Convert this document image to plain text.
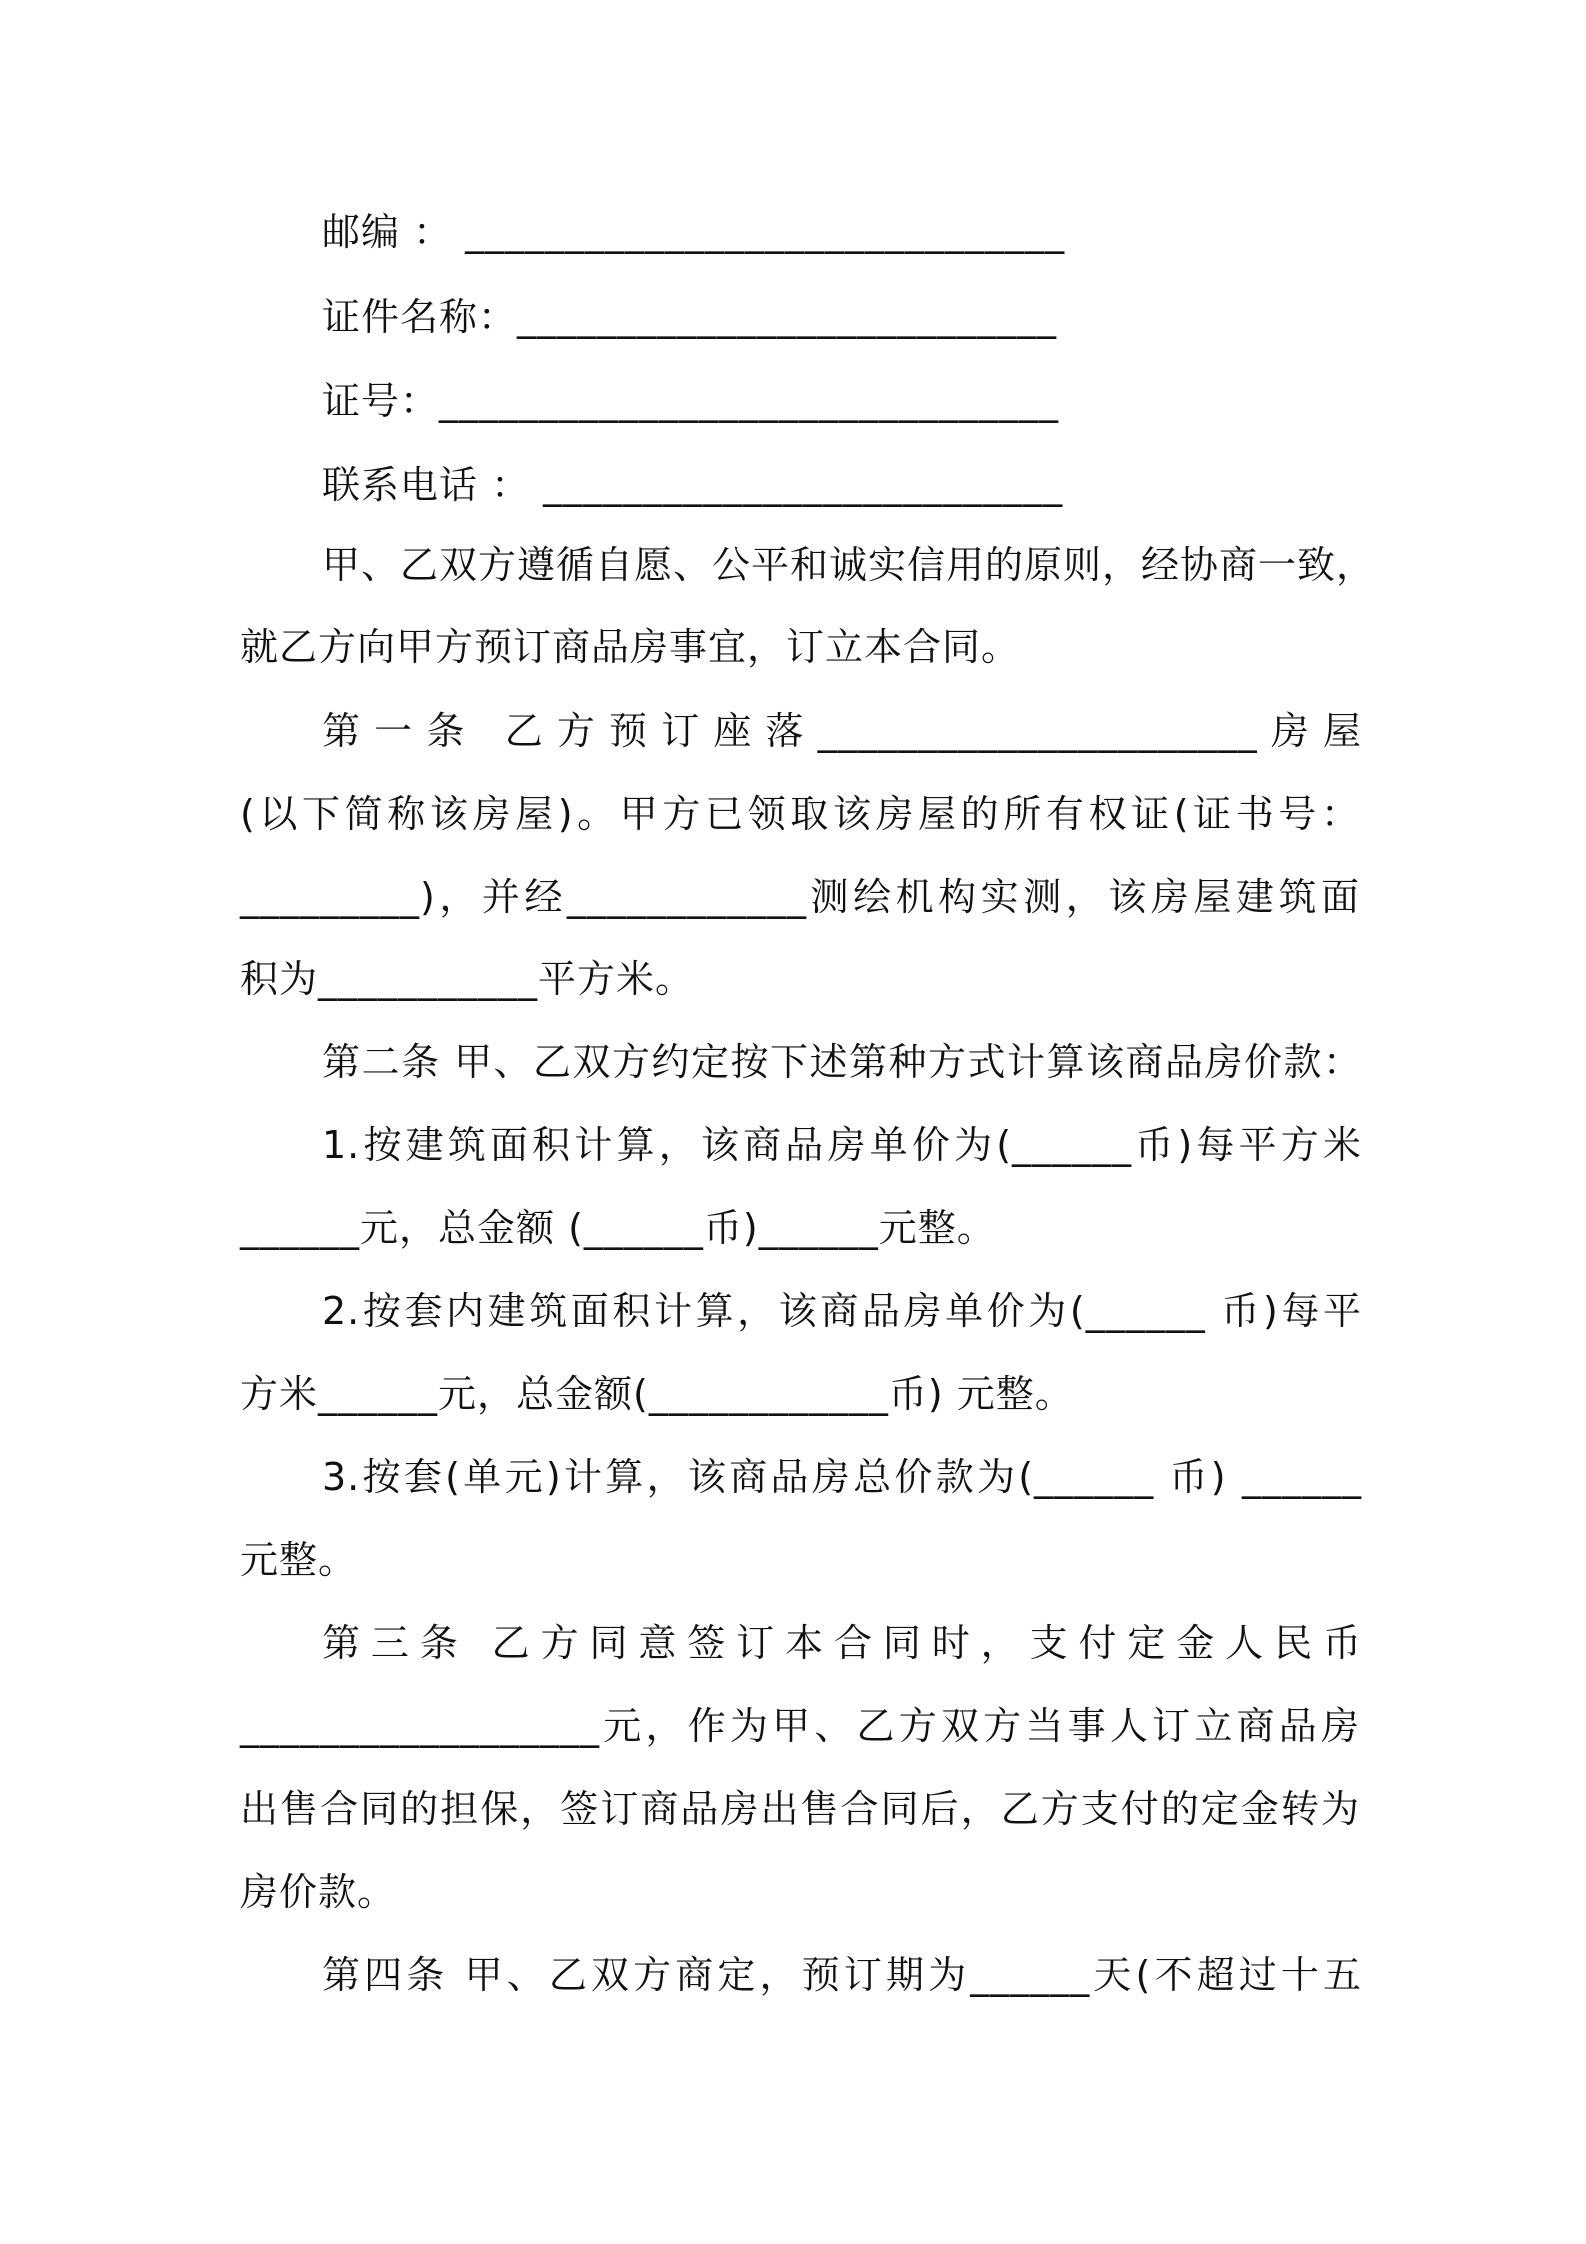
邮编 ： ______________________________
证件名称：___________________________
证号：_______________________________
联系电话 ： __________________________
甲、乙双方遵循自愿、公平和诚实信用的原则，经协商一致，
就乙方向甲方预订商品房事宜，订立本合同。
第一条 乙方预订座落______________________房屋
(以下简称该房屋)。甲方已领取该房屋的所有权证(证书号：
_________)，并经____________测绘机构实测，该房屋建筑面
积为___________平方米。
第二条 甲、乙双方约定按下述第种方式计算该商品房价款：
1.按建筑面积计算，该商品房单价为(______币)每平方米
______元，总金额 (______币)______元整。
2.按套内建筑面积计算，该商品房单价为(______ 币)每平
方米______元，总金额(____________币) 元整。
3.按套(单元)计算，该商品房总价款为(______ 币) ______
元整。
第三条 乙方同意签订本合同时，支付定金人民币
__________________元，作为甲、乙方双方当事人订立商品房
出售合同的担保，签订商品房出售合同后，乙方支付的定金转为
房价款。
第四条 甲、乙双方商定，预订期为______天(不超过十五
